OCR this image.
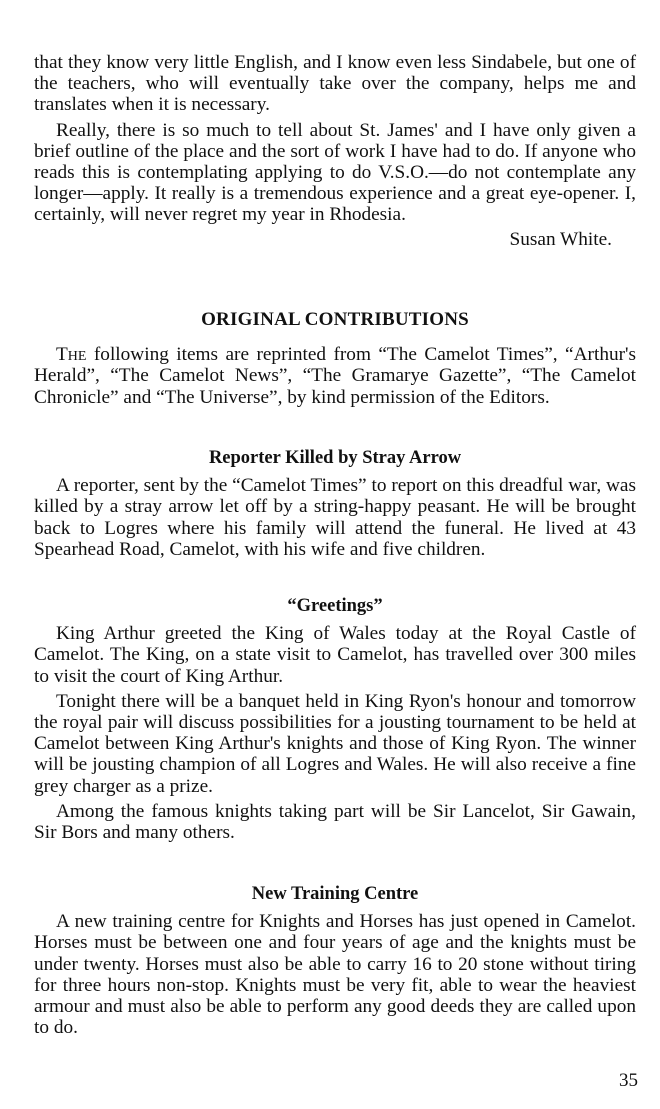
that they know very little English, and I know even less Sindabele, but one of the teachers, who will eventually take over the company, helps me and translates when it is necessary.

Really, there is so much to tell about St. James' and I have only given a brief outline of the place and the sort of work I have had to do. If anyone who reads this is contemplating applying to do V.S.O.—do not contemplate any longer—apply. It really is a tremendous experience and a great eye-opener. I, certainly, will never regret my year in Rhodesia.

Susan White.

ORIGINAL CONTRIBUTIONS

The following items are reprinted from “The Camelot Times”, “Arthur's Herald”, “The Camelot News”, “The Gramarye Gazette”, “The Camelot Chronicle” and “The Universe”, by kind permission of the Editors.

Reporter Killed by Stray Arrow

A reporter, sent by the “Camelot Times” to report on this dreadful war, was killed by a stray arrow let off by a string-happy peasant. He will be brought back to Logres where his family will attend the funeral. He lived at 43 Spearhead Road, Camelot, with his wife and five children.

“Greetings”

King Arthur greeted the King of Wales today at the Royal Castle of Camelot. The King, on a state visit to Camelot, has travelled over 300 miles to visit the court of King Arthur.

Tonight there will be a banquet held in King Ryon's honour and tomorrow the royal pair will discuss possibilities for a jousting tournament to be held at Camelot between King Arthur's knights and those of King Ryon. The winner will be jousting champion of all Logres and Wales. He will also receive a fine grey charger as a prize.

Among the famous knights taking part will be Sir Lancelot, Sir Gawain, Sir Bors and many others.

New Training Centre

A new training centre for Knights and Horses has just opened in Camelot. Horses must be between one and four years of age and the knights must be under twenty. Horses must also be able to carry 16 to 20 stone without tiring for three hours non-stop. Knights must be very fit, able to wear the heaviest armour and must also be able to perform any good deeds they are called upon to do.

35
